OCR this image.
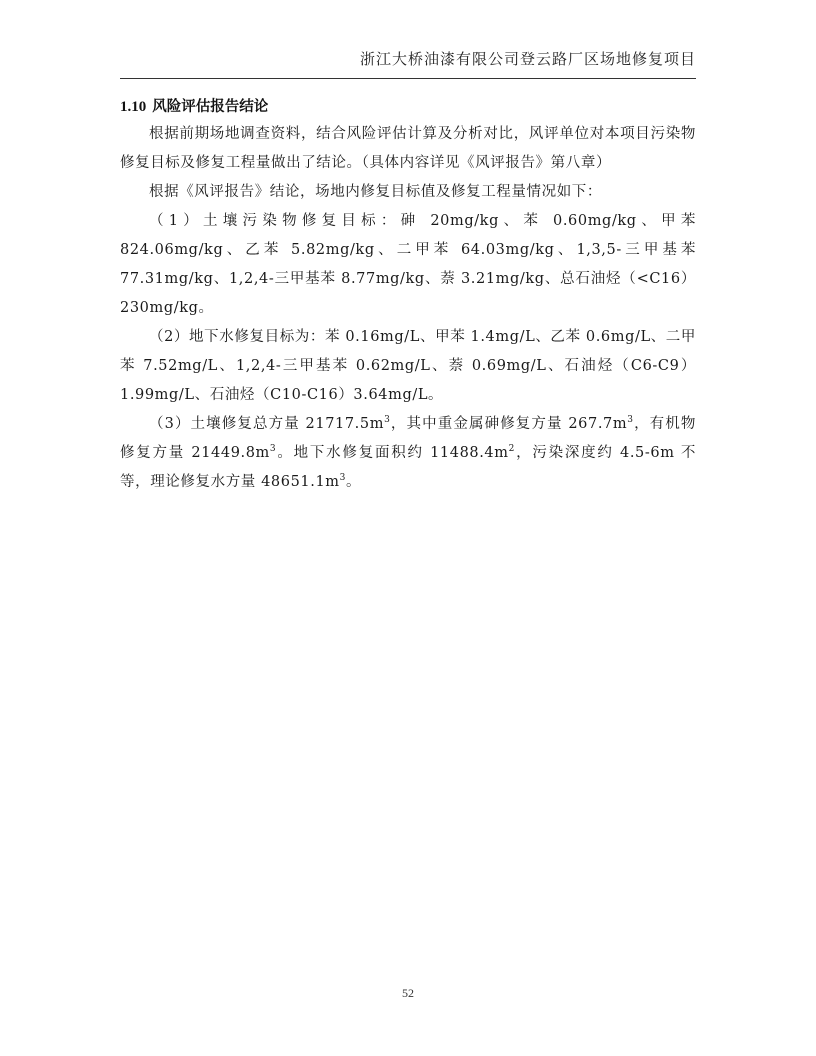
浙江大桥油漆有限公司登云路厂区场地修复项目
1.10 风险评估报告结论

根据前期场地调查资料，结合风险评估计算及分析对比，风评单位对本项目污染物修复目标及修复工程量做出了结论。（具体内容详见《风评报告》第八章）

根据《风评报告》结论，场地内修复目标值及修复工程量情况如下：

（1）土壤污染物修复目标：砷 20mg/kg、苯 0.60mg/kg、甲苯 824.06mg/kg、乙苯 5.82mg/kg、二甲苯 64.03mg/kg、1,3,5-三甲基苯 77.31mg/kg、1,2,4-三甲基苯 8.77mg/kg、萘 3.21mg/kg、总石油烃（<C16）230mg/kg。

（2）地下水修复目标为：苯 0.16mg/L、甲苯 1.4mg/L、乙苯 0.6mg/L、二甲苯 7.52mg/L、1,2,4-三甲基苯 0.62mg/L、萘 0.69mg/L、石油烃（C6-C9）1.99mg/L、石油烃（C10-C16）3.64mg/L。

（3）土壤修复总方量 $21717.5m^3$，其中重金属砷修复方量 $267.7m^3$，有机物修复方量 $21449.8m^3$。地下水修复面积约 $11488.4m^2$，污染深度约 4.5-6m 不等，理论修复水方量 $48651.1m^3$。

52
